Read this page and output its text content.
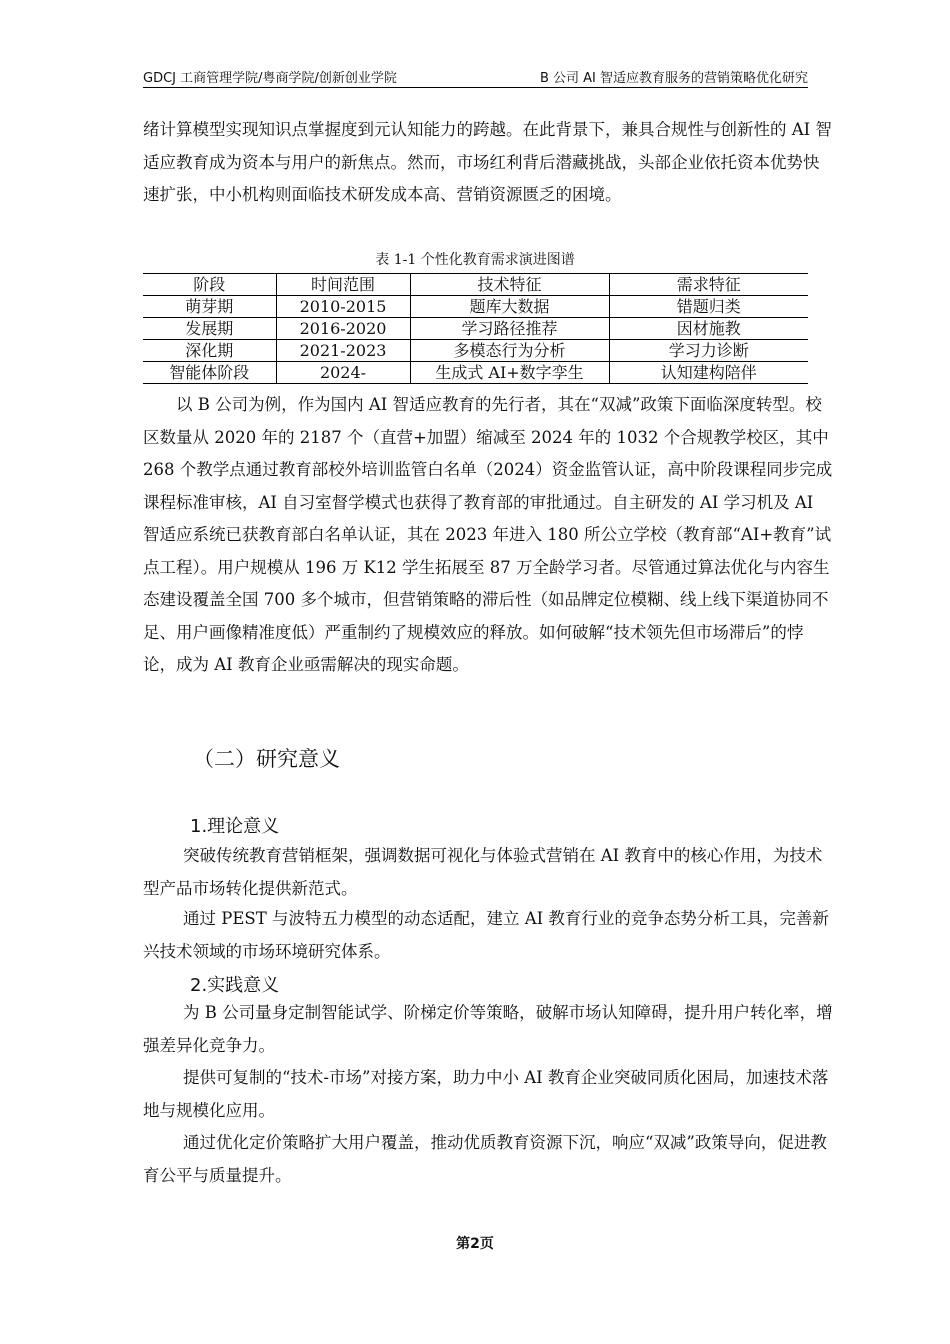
GDCJ 工商管理学院/粤商学院/创新创业学院	B 公司 AI 智适应教育服务的营销策略优化研究

绪计算模型实现知识点掌握度到元认知能力的跨越。在此背景下，兼具合规性与创新性的 AI 智适应教育成为资本与用户的新焦点。然而，市场红利背后潜藏挑战，头部企业依托资本优势快速扩张，中小机构则面临技术研发成本高、营销资源匮乏的困境。

表 1-1 个性化教育需求演进图谱
阶段	时间范围	技术特征	需求特征
萌芽期	2010-2015	题库大数据	错题归类
发展期	2016-2020	学习路径推荐	因材施教
深化期	2021-2023	多模态行为分析	学习力诊断
智能体阶段	2024-	生成式 AI+数字孪生	认知建构陪伴

以 B 公司为例，作为国内 AI 智适应教育的先行者，其在“双减”政策下面临深度转型。校区数量从 2020 年的 2187 个（直营+加盟）缩减至 2024 年的 1032 个合规教学校区，其中 268 个教学点通过教育部校外培训监管白名单（2024）资金监管认证，高中阶段课程同步完成课程标准审核，AI 自习室督学模式也获得了教育部的审批通过。自主研发的 AI 学习机及 AI 智适应系统已获教育部白名单认证，其在 2023 年进入 180 所公立学校（教育部“AI+教育”试点工程）。用户规模从 196 万 K12 学生拓展至 87 万全龄学习者。尽管通过算法优化与内容生态建设覆盖全国 700 多个城市，但营销策略的滞后性（如品牌定位模糊、线上线下渠道协同不足、用户画像精准度低）严重制约了规模效应的释放。如何破解“技术领先但市场滞后”的悖论，成为 AI 教育企业亟需解决的现实命题。

（二）研究意义
1.理论意义

突破传统教育营销框架，强调数据可视化与体验式营销在 AI 教育中的核心作用，为技术型产品市场转化提供新范式。

通过 PEST 与波特五力模型的动态适配，建立 AI 教育行业的竞争态势分析工具，完善新兴技术领域的市场环境研究体系。

2.实践意义

为 B 公司量身定制智能试学、阶梯定价等策略，破解市场认知障碍，提升用户转化率，增强差异化竞争力。

提供可复制的“技术-市场”对接方案，助力中小 AI 教育企业突破同质化困局，加速技术落地与规模化应用。

通过优化定价策略扩大用户覆盖，推动优质教育资源下沉，响应“双减”政策导向，促进教育公平与质量提升。

第2页
